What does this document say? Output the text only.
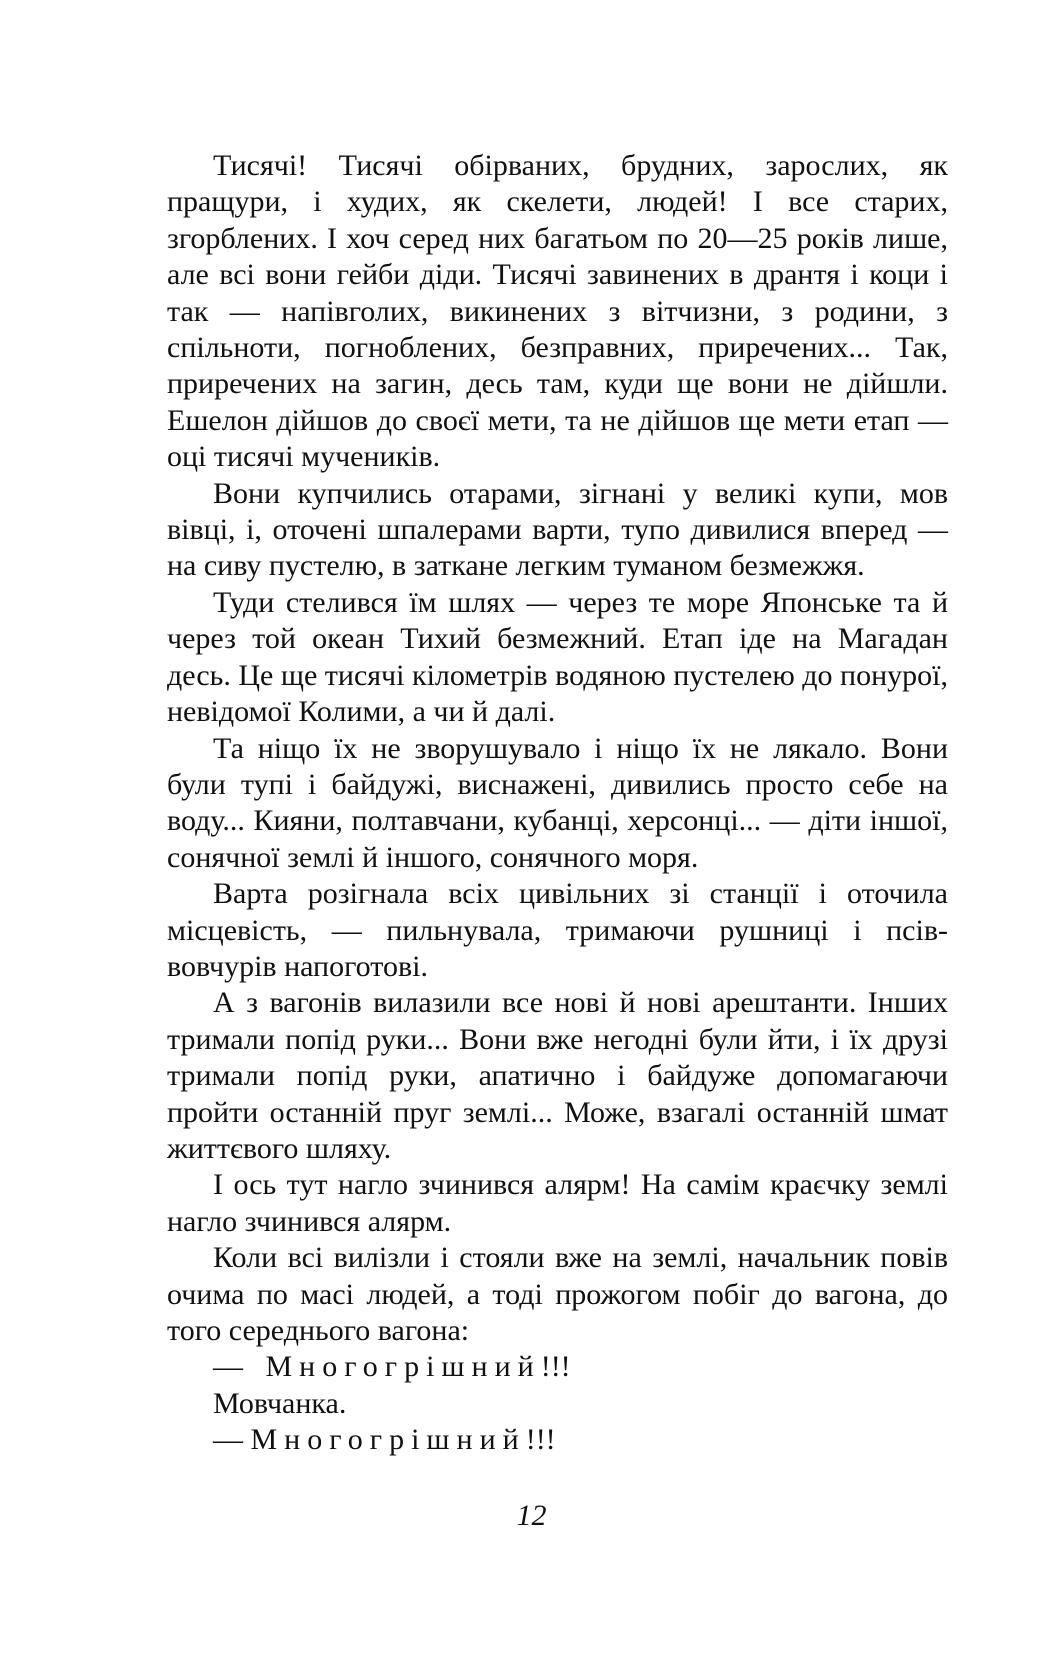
Тисячі! Тисячі обірваних, брудних, зарослих, як пращури, і худих, як скелети, людей! І все старих, згорблених. І хоч серед них багатьом по 20—25 років лише, але всі вони гейби діди. Тисячі завинених в дрантя і коци і так — напівголих, викинених з вітчизни, з родини, з спільноти, погноблених, безправних, приречених... Так, приречених на загин, десь там, куди ще вони не дійшли. Ешелон дійшов до своєї мети, та не дійшов ще мети етап — оці тисячі мучеників.

Вони купчились отарами, зігнані у великі купи, мов вівці, і, оточені шпалерами варти, тупо дивилися вперед — на сиву пустелю, в заткане легким туманом безмежжя.

Туди стелився їм шлях — через те море Японське та й через той океан Тихий безмежний. Етап іде на Магадан десь. Це ще тисячі кілометрів водяною пустелею до понурої, невідомої Колими, а чи й далі.

Та ніщо їх не зворушувало і ніщо їх не лякало. Вони були тупі і байдужі, виснажені, дивились просто себе на воду... Кияни, полтавчани, кубанці, херсонці... — діти іншої, сонячної землі й іншого, сонячного моря.

Варта розігнала всіх цивільних зі станції і оточила місцевість, — пильнувала, тримаючи рушниці і псів-вовчурів напоготові.

А з вагонів вилазили все нові й нові арештанти. Інших тримали попід руки... Вони вже негодні були йти, і їх друзі тримали попід руки, апатично і байдуже допомагаючи пройти останній пруг землі... Може, взагалі останній шмат життєвого шляху.

І ось тут нагло зчинився алярм! На самім краєчку землі нагло зчинився алярм.

Коли всі вилізли і стояли вже на землі, начальник повів очима по масі людей, а тоді прожогом побіг до вагона, до того середнього вагона:

— Многогрішний!!!

Мовчанка.

— Многогрішний!!!

12
